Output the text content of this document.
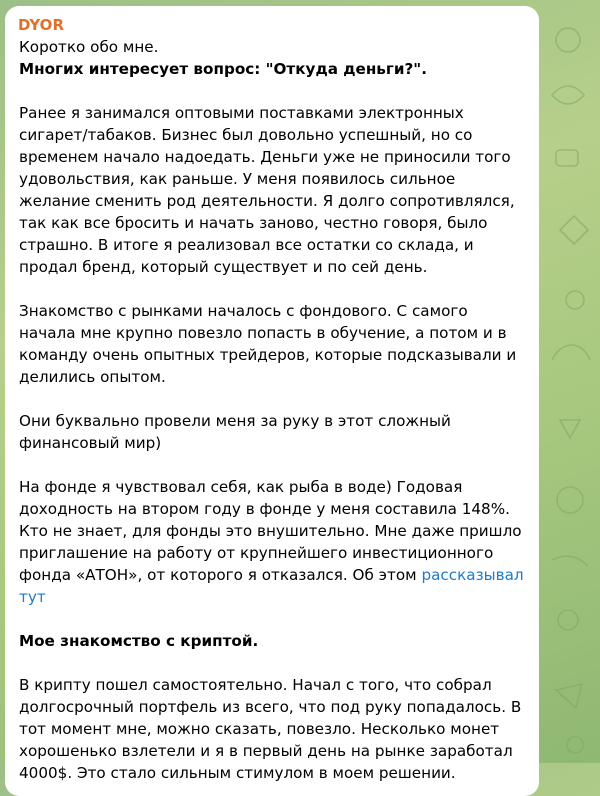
DYOR

Коротко обо мне.

Многих интересует вопрос: "Откуда деньги?".

Ранее я занимался оптовыми поставками электронных сигарет/табаков. Бизнес был довольно успешный, но со временем начало надоедать. Деньги уже не приносили того удовольствия, как раньше. У меня появилось сильное желание сменить род деятельности. Я долго сопротивлялся, так как все бросить и начать заново, честно говоря, было страшно. В итоге я реализовал все остатки со склада, и продал бренд, который существует и по сей день.

Знакомство с рынками началось с фондового. С самого начала мне крупно повезло попасть в обучение, а потом и в команду очень опытных трейдеров, которые подсказывали и делились опытом.

Они буквально провели меня за руку в этот сложный финансовый мир)

На фонде я чувствовал себя, как рыба в воде) Годовая доходность на втором году в фонде у меня составила 148%. Кто не знает, для фонды это внушительно. Мне даже пришло приглашение на работу от крупнейшего инвестиционного фонда «АТОН», от которого я отказался. Об этом рассказывал тут

Мое знакомство с криптой.

В крипту пошел самостоятельно. Начал с того, что собрал долгосрочный портфель из всего, что под руку попадалось. В тот момент мне, можно сказать, повезло. Несколько монет хорошенько взлетели и я в первый день на рынке заработал 4000$. Это стало сильным стимулом в моем решении.
